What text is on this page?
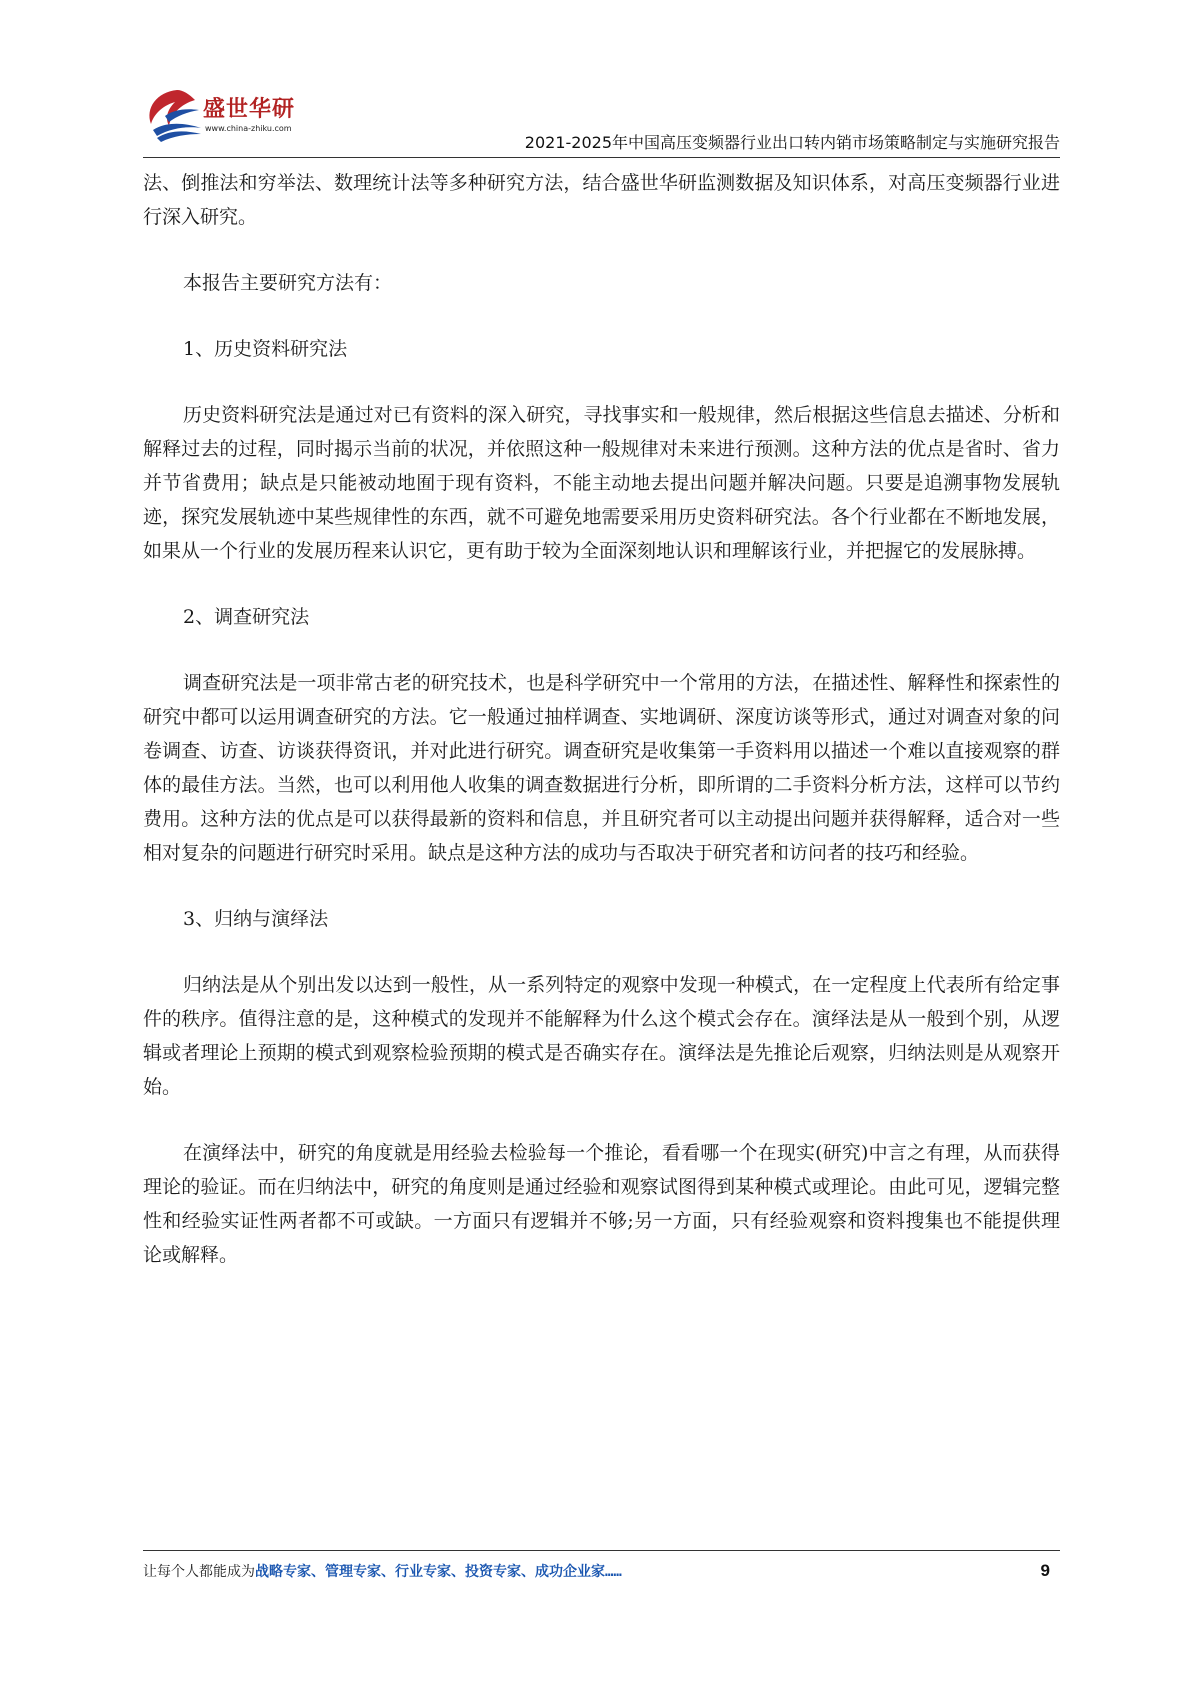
盛世华研
www.china-zhiku.com
2021-2025年中国高压变频器行业出口转内销市场策略制定与实施研究报告

法、倒推法和穷举法、数理统计法等多种研究方法，结合盛世华研监测数据及知识体系，对高压变频器行业进行深入研究。

本报告主要研究方法有：

1、历史资料研究法

历史资料研究法是通过对已有资料的深入研究，寻找事实和一般规律，然后根据这些信息去描述、分析和解释过去的过程，同时揭示当前的状况，并依照这种一般规律对未来进行预测。这种方法的优点是省时、省力并节省费用；缺点是只能被动地囿于现有资料，不能主动地去提出问题并解决问题。只要是追溯事物发展轨迹，探究发展轨迹中某些规律性的东西，就不可避免地需要采用历史资料研究法。各个行业都在不断地发展，如果从一个行业的发展历程来认识它，更有助于较为全面深刻地认识和理解该行业，并把握它的发展脉搏。

2、调查研究法

调查研究法是一项非常古老的研究技术，也是科学研究中一个常用的方法，在描述性、解释性和探索性的研究中都可以运用调查研究的方法。它一般通过抽样调查、实地调研、深度访谈等形式，通过对调查对象的问卷调查、访查、访谈获得资讯，并对此进行研究。调查研究是收集第一手资料用以描述一个难以直接观察的群体的最佳方法。当然，也可以利用他人收集的调查数据进行分析，即所谓的二手资料分析方法，这样可以节约费用。这种方法的优点是可以获得最新的资料和信息，并且研究者可以主动提出问题并获得解释，适合对一些相对复杂的问题进行研究时采用。缺点是这种方法的成功与否取决于研究者和访问者的技巧和经验。

3、归纳与演绎法

归纳法是从个别出发以达到一般性，从一系列特定的观察中发现一种模式，在一定程度上代表所有给定事件的秩序。值得注意的是，这种模式的发现并不能解释为什么这个模式会存在。演绎法是从一般到个别，从逻辑或者理论上预期的模式到观察检验预期的模式是否确实存在。演绎法是先推论后观察，归纳法则是从观察开始。

在演绎法中，研究的角度就是用经验去检验每一个推论，看看哪一个在现实(研究)中言之有理，从而获得理论的验证。而在归纳法中，研究的角度则是通过经验和观察试图得到某种模式或理论。由此可见，逻辑完整性和经验实证性两者都不可或缺。一方面只有逻辑并不够;另一方面，只有经验观察和资料搜集也不能提供理论或解释。

让每个人都能成为战略专家、管理专家、行业专家、投资专家、成功企业家……	9
